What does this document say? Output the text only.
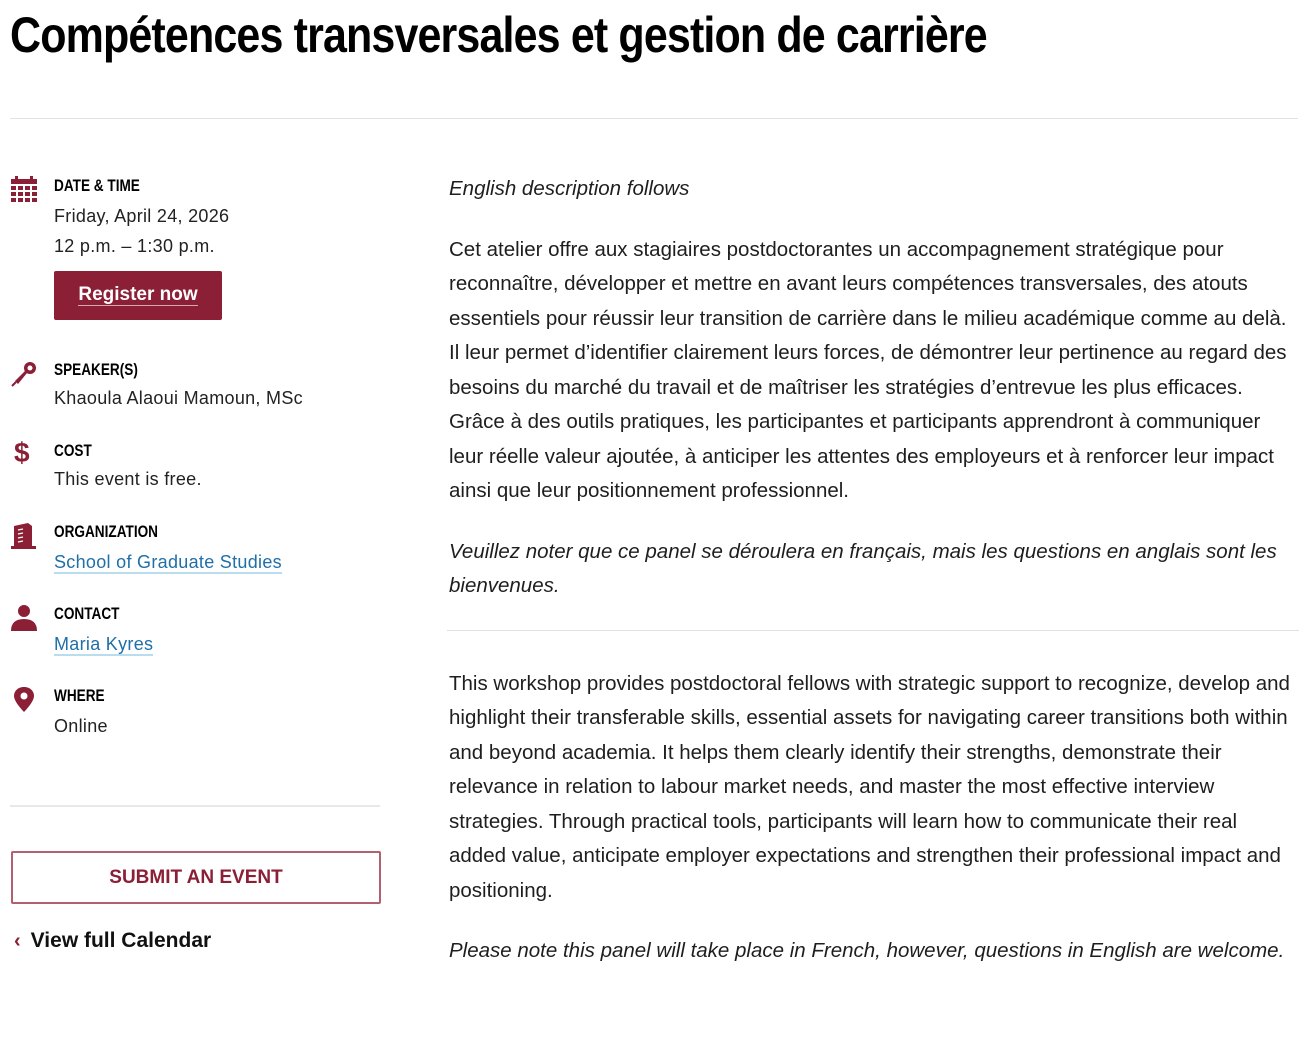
Compétences transversales et gestion de carrière
DATE & TIME
Friday, April 24, 2026
12 p.m. – 1:30 p.m.
Register now
SPEAKER(S)
Khaoula Alaoui Mamoun, MSc
$	COST
This event is free.
ORGANIZATION
School of Graduate Studies
CONTACT
Maria Kyres
WHERE
Online
SUBMIT AN EVENT
‹ View full Calendar

English description follows

Cet atelier offre aux stagiaires postdoctorantes un accompagnement stratégique pour reconnaître, développer et mettre en avant leurs compétences transversales, des atouts essentiels pour réussir leur transition de carrière dans le milieu académique comme au delà. Il leur permet d’identifier clairement leurs forces, de démontrer leur pertinence au regard des besoins du marché du travail et de maîtriser les stratégies d’entrevue les plus efficaces. Grâce à des outils pratiques, les participantes et participants apprendront à communiquer leur réelle valeur ajoutée, à anticiper les attentes des employeurs et à renforcer leur impact ainsi que leur positionnement professionnel.

Veuillez noter que ce panel se déroulera en français, mais les questions en anglais sont les bienvenues.

This workshop provides postdoctoral fellows with strategic support to recognize, develop and highlight their transferable skills, essential assets for navigating career transitions both within and beyond academia. It helps them clearly identify their strengths, demonstrate their relevance in relation to labour market needs, and master the most effective interview strategies. Through practical tools, participants will learn how to communicate their real added value, anticipate employer expectations and strengthen their professional impact and positioning.

Please note this panel will take place in French, however, questions in English are welcome.
